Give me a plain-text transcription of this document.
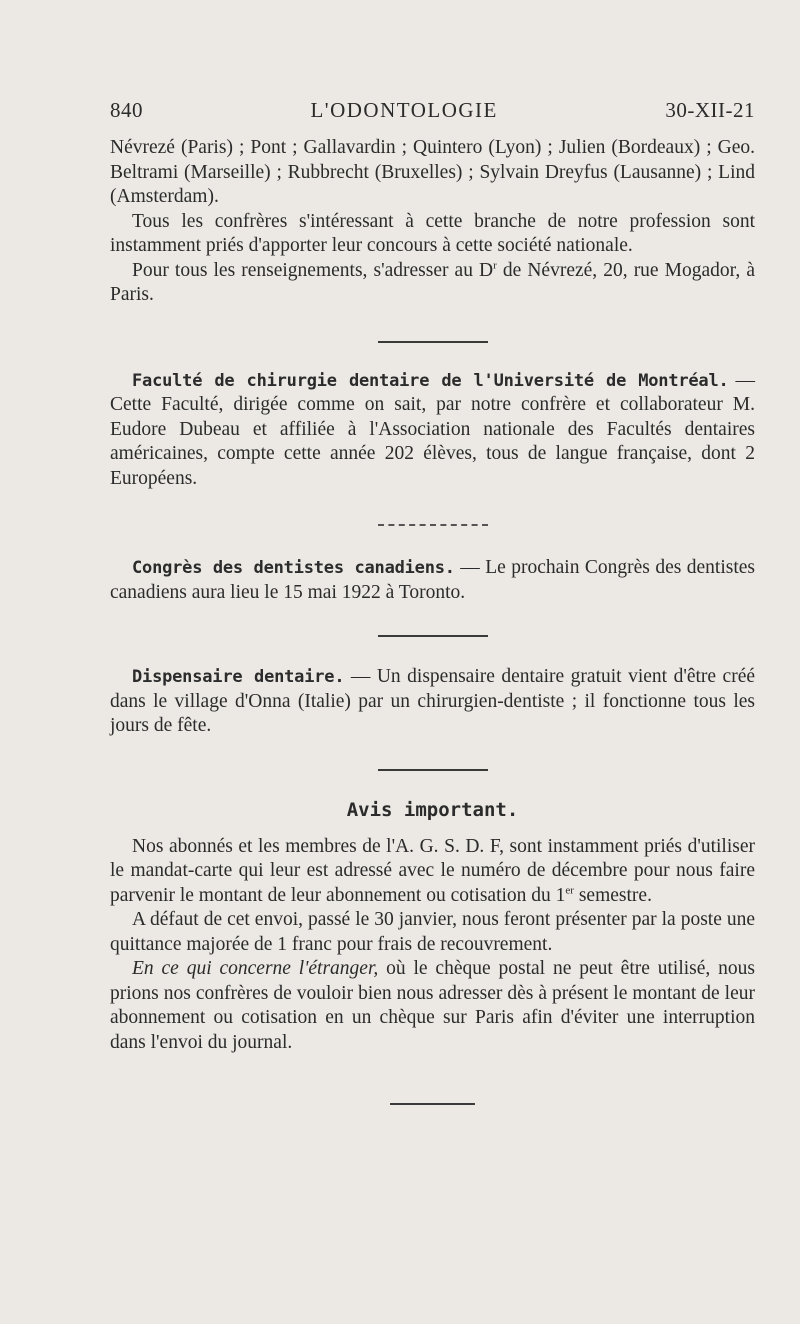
840	L'ODONTOLOGIE	30-XII-21

Névrezé (Paris) ; Pont ; Gallavardin ; Quintero (Lyon) ; Julien (Bordeaux) ; Geo. Beltrami (Marseille) ; Rubbrecht (Bruxelles) ; Sylvain Dreyfus (Lausanne) ; Lind (Amsterdam).

Tous les confrères s'intéressant à cette branche de notre profession sont instamment priés d'apporter leur concours à cette société nationale.

Pour tous les renseignements, s'adresser au $D^r$ de Névrezé, 20, rue Mogador, à Paris.

Faculté de chirurgie dentaire de l'Université de Montréal. — Cette Faculté, dirigée comme on sait, par notre confrère et collaborateur M. Eudore Dubeau et affiliée à l'Association nationale des Facultés dentaires américaines, compte cette année 202 élèves, tous de langue française, dont 2 Européens.

Congrès des dentistes canadiens. — Le prochain Congrès des dentistes canadiens aura lieu le 15 mai 1922 à Toronto.

Dispensaire dentaire. — Un dispensaire dentaire gratuit vient d'être créé dans le village d'Onna (Italie) par un chirurgien-dentiste ; il fonctionne tous les jours de fête.

Avis important.

Nos abonnés et les membres de l'A. G. S. D. F, sont instamment priés d'utiliser le mandat-carte qui leur est adressé avec le numéro de décembre pour nous faire parvenir le montant de leur abonnement ou cotisation du 1er semestre.

A défaut de cet envoi, passé le 30 janvier, nous feront présenter par la poste une quittance majorée de 1 franc pour frais de recouvrement.

En ce qui concerne l'étranger, où le chèque postal ne peut être utilisé, nous prions nos confrères de vouloir bien nous adresser dès à présent le montant de leur abonnement ou cotisation en un chèque sur Paris afin d'éviter une interruption dans l'envoi du journal.
